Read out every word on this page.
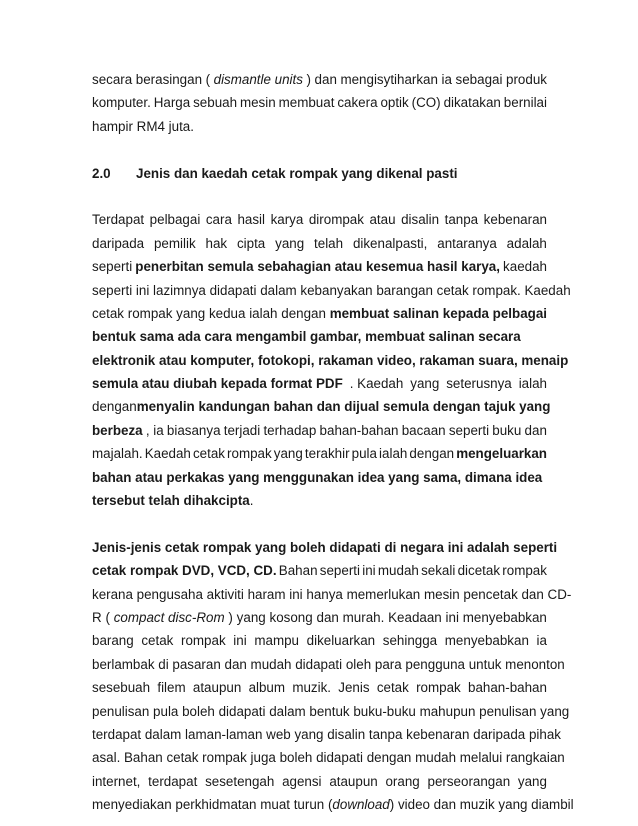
secara berasingan ( dismantle units ) dan mengisytiharkan ia sebagai produk
komputer. Harga sebuah mesin membuat cakera optik (CO) dikatakan bernilai
hampir RM4 juta.
2.0	Jenis dan kaedah cetak rompak yang dikenal pasti
Terdapat pelbagai cara hasil karya dirompak atau disalin tanpa kebenaran
daripada pemilik hak cipta yang telah dikenalpasti, antaranya adalah
seperti penerbitan semula sebahagian atau kesemua hasil karya, kaedah
seperti ini lazimnya didapati dalam kebanyakan barangan cetak rompak. Kaedah
cetak rompak yang kedua ialah dengan membuat salinan kepada pelbagai
bentuk sama ada cara mengambil gambar, membuat salinan secara
elektronik atau komputer, fotokopi, rakaman video, rakaman suara, menaip
semula atau diubah kepada format PDF . Kaedah yang seterusnya ialah
dengan menyalin kandungan bahan dan dijual semula dengan tajuk yang
berbeza , ia biasanya terjadi terhadap bahan-bahan bacaan seperti buku dan
majalah. Kaedah cetak rompak yang terakhir pula ialah dengan mengeluarkan
bahan atau perkakas yang menggunakan idea yang sama, dimana idea
tersebut telah dihakcipta .
Jenis-jenis cetak rompak yang boleh didapati di negara ini adalah seperti
cetak rompak DVD, VCD, CD. Bahan seperti ini mudah sekali dicetak rompak
kerana pengusaha aktiviti haram ini hanya memerlukan mesin pencetak dan CD-
R ( compact disc-Rom ) yang kosong dan murah. Keadaan ini menyebabkan
barang cetak rompak ini mampu dikeluarkan sehingga menyebabkan ia
berlambak di pasaran dan mudah didapati oleh para pengguna untuk menonton
sesebuah filem ataupun album muzik. Jenis cetak rompak bahan-bahan
penulisan pula boleh didapati dalam bentuk buku-buku mahupun penulisan yang
terdapat dalam laman-laman web yang disalin tanpa kebenaran daripada pihak
asal. Bahan cetak rompak juga boleh didapati dengan mudah melalui rangkaian
internet, terdapat sesetengah agensi ataupun orang perseorangan yang
menyediakan perkhidmatan muat turun ( download ) video dan muzik yang diambil
